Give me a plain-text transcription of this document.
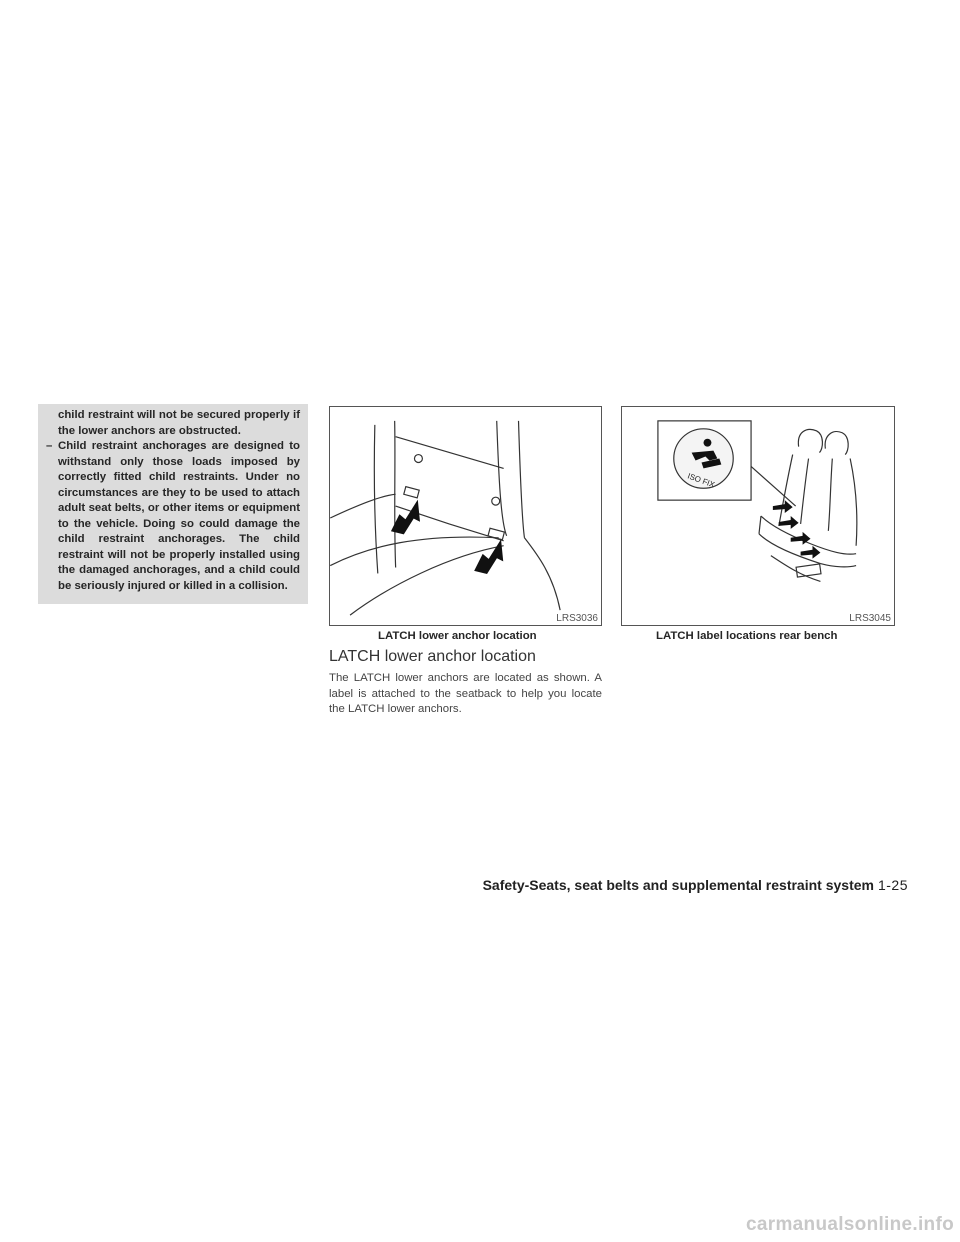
child restraint will not be secured properly if the lower anchors are obstructed.

– Child restraint anchorages are designed to withstand only those loads imposed by correctly fitted child restraints. Under no circumstances are they to be used to attach adult seat belts, or other items or equipment to the vehicle. Doing so could damage the child restraint anchorages. The child restraint will not be properly installed using the damaged anchorages, and a child could be seriously injured or killed in a collision.

LRS3036
ISO FIX
LRS3045
LATCH lower anchor location	LATCH label locations rear bench
LATCH lower anchor location

The LATCH lower anchors are located as shown. A label is attached to the seatback to help you locate the LATCH lower anchors.

Safety-Seats, seat belts and supplemental restraint system 1-25
carmanualsonline.info
